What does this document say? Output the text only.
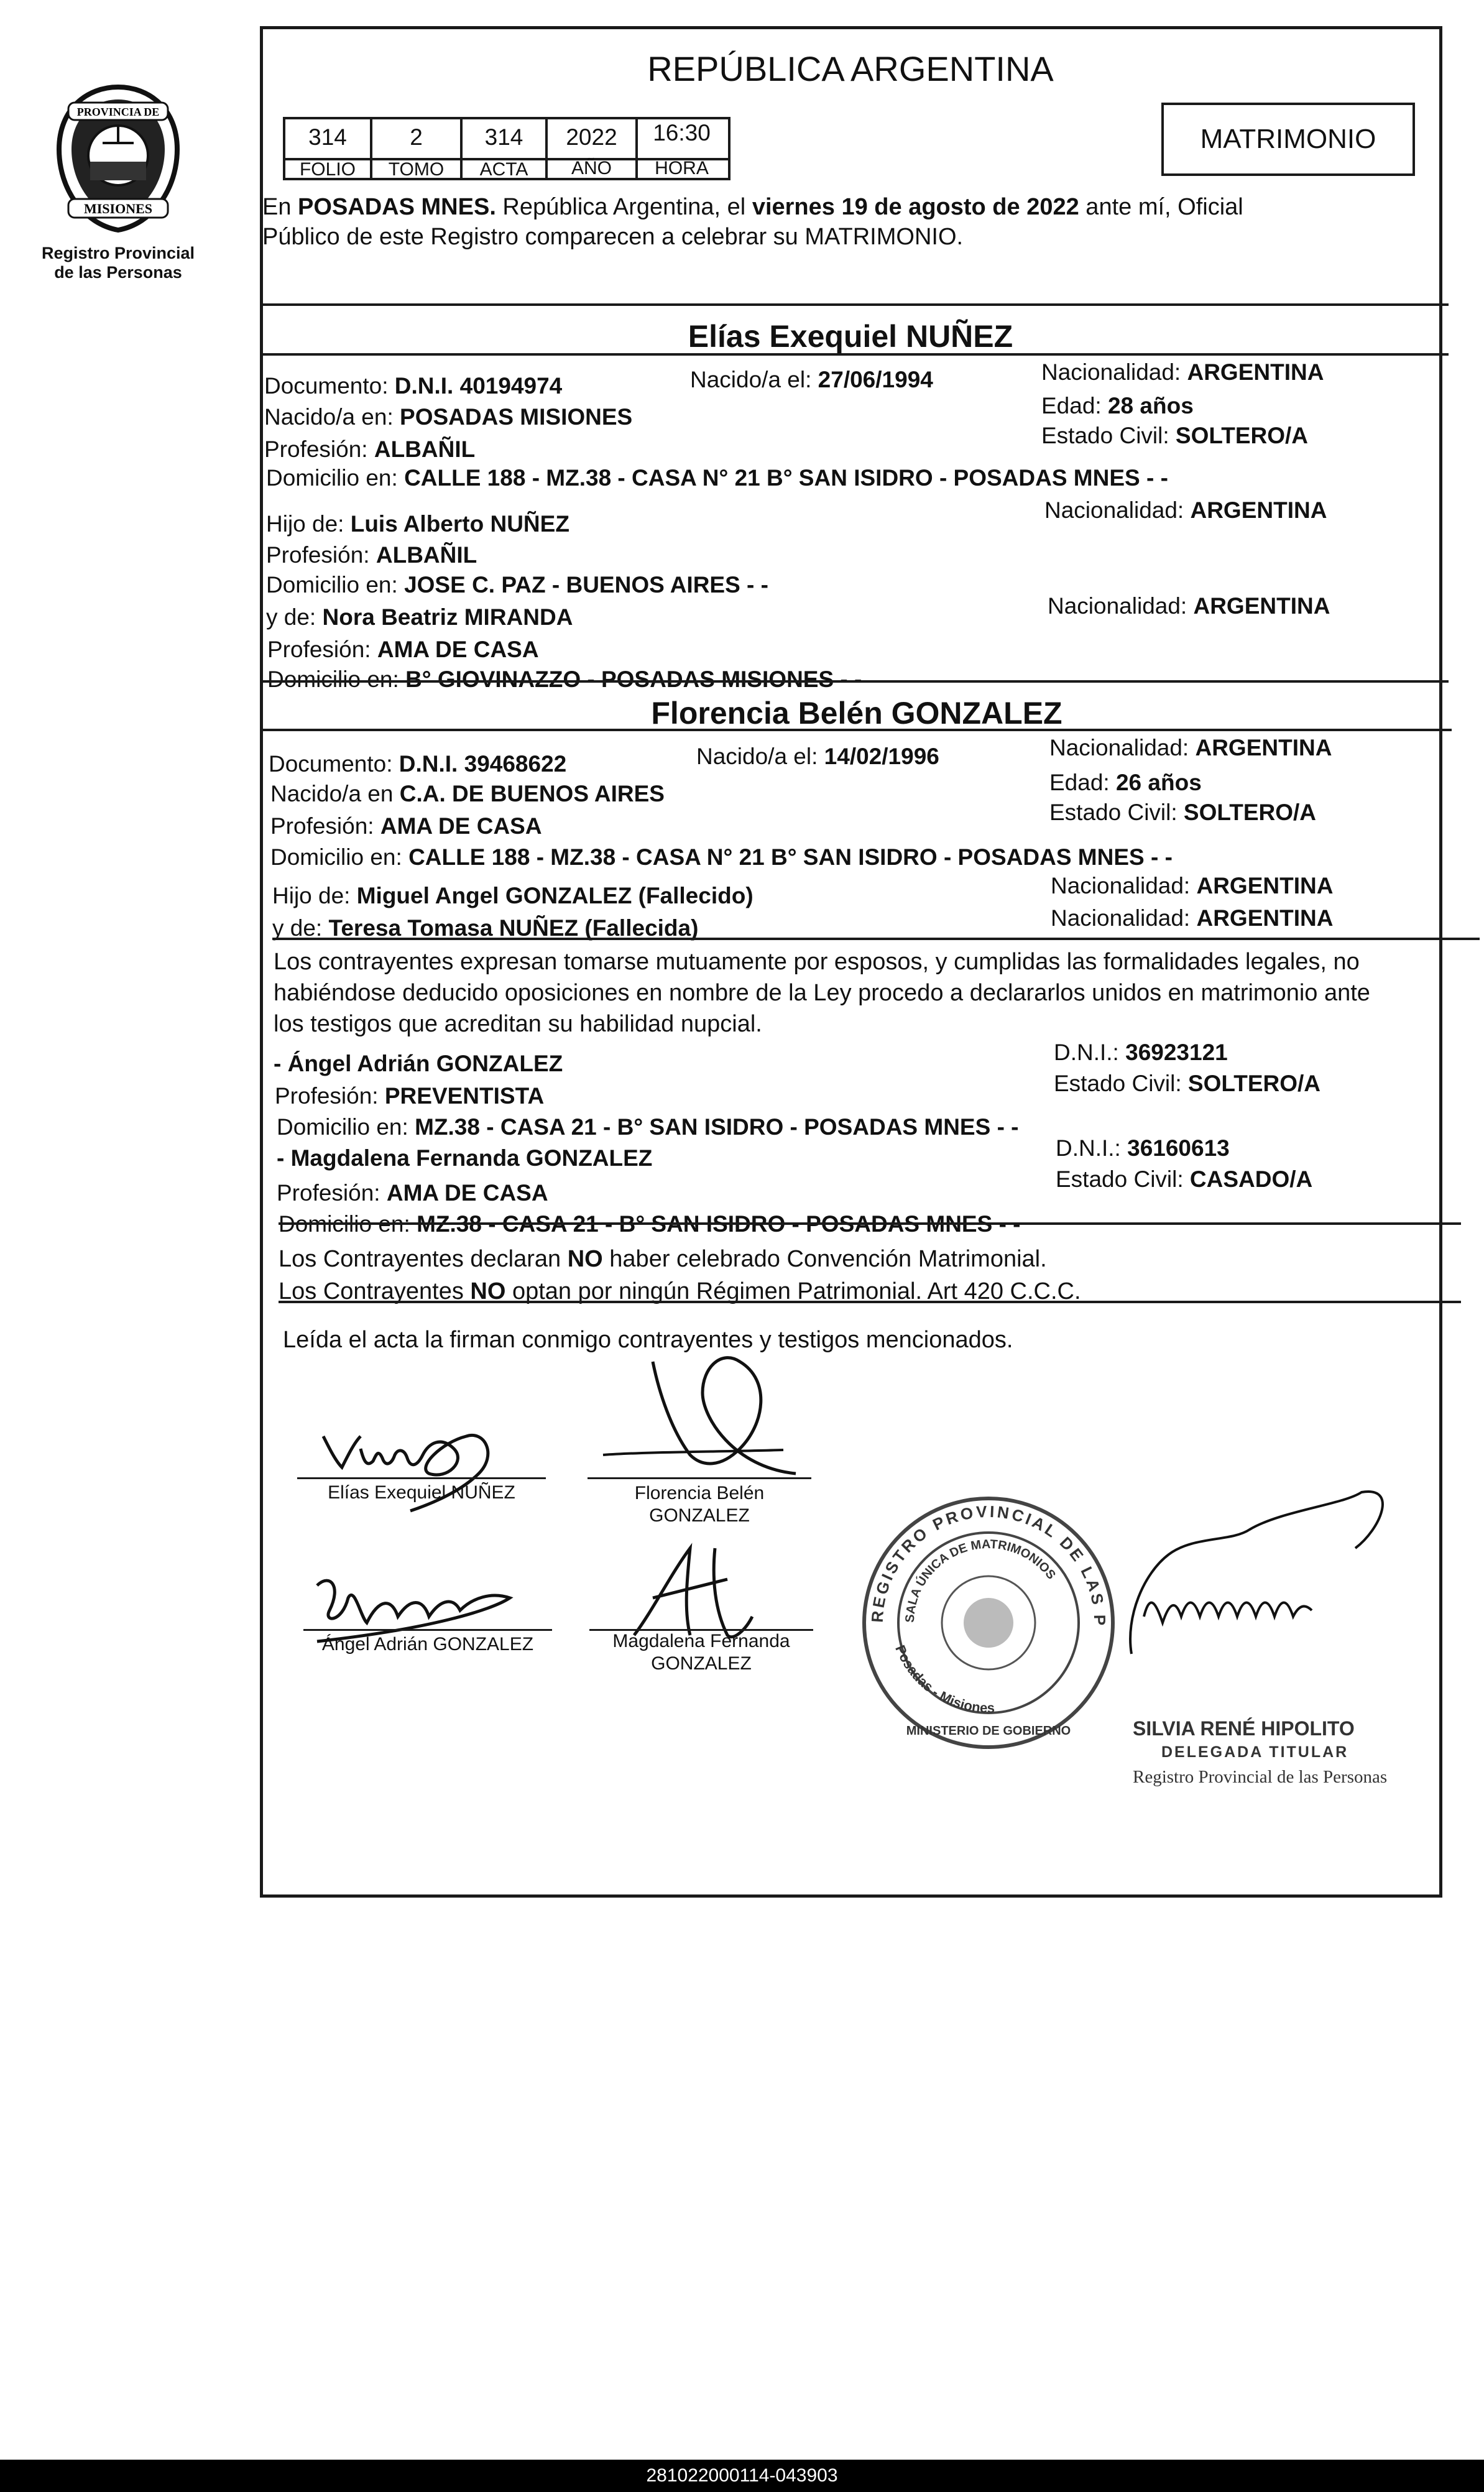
PROVINCIA DE
MISIONES
Registro Provincial
de las Personas
REPÚBLICA ARGENTINA
314	2	314	2022	16:30
FOLIO	TOMO	ACTA	AÑO	HORA
MATRIMONIO
En POSADAS MNES. República Argentina, el viernes 19 de agosto de 2022 ante mí, Oficial
Público de este Registro comparecen a celebrar su MATRIMONIO.
Elías Exequiel NUÑEZ
Documento: D.N.I. 40194974	Nacido/a el: 27/06/1994	Nacionalidad: ARGENTINA
Nacido/a en: POSADAS MISIONES	Edad: 28 años
Profesión: ALBAÑIL
Estado Civil: SOLTERO/A
Domicilio en: CALLE 188 - MZ.38 - CASA N° 21 B° SAN ISIDRO - POSADAS MNES - -
Hijo de: Luis Alberto NUÑEZ
Nacionalidad: ARGENTINA
Profesión: ALBAÑIL
Domicilio en: JOSE C. PAZ - BUENOS AIRES - -
y de: Nora Beatriz MIRANDA	Nacionalidad: ARGENTINA
Profesión: AMA DE CASA
Domicilio en: B° GIOVINAZZO - POSADAS MISIONES - -
Florencia Belén GONZALEZ
Documento: D.N.I. 39468622	Nacido/a el: 14/02/1996	Nacionalidad: ARGENTINA
Nacido/a en C.A. DE BUENOS AIRES	Edad: 26 años
Profesión: AMA DE CASA
Estado Civil: SOLTERO/A
Domicilio en: CALLE 188 - MZ.38 - CASA N° 21 B° SAN ISIDRO - POSADAS MNES - -
Hijo de: Miguel Angel GONZALEZ (Fallecido)	Nacionalidad: ARGENTINA
y de: Teresa Tomasa NUÑEZ (Fallecida)	Nacionalidad: ARGENTINA
Los contrayentes expresan tomarse mutuamente por esposos, y cumplidas las formalidades legales, no
habiéndose deducido oposiciones en nombre de la Ley procedo a declararlos unidos en matrimonio ante
los testigos que acreditan su habilidad nupcial.
- Ángel Adrián GONZALEZ	D.N.I.: 36923121
Profesión: PREVENTISTA	Estado Civil: SOLTERO/A
Domicilio en: MZ.38 - CASA 21 - B° SAN ISIDRO - POSADAS MNES - -
- Magdalena Fernanda GONZALEZ	D.N.I.: 36160613
Profesión: AMA DE CASA
Estado Civil: CASADO/A
Domicilio en: MZ.38 - CASA 21 - B° SAN ISIDRO - POSADAS MNES - -
Los Contrayentes declaran NO haber celebrado Convención Matrimonial.
Los Contrayentes NO optan por ningún Régimen Patrimonial. Art 420 C.C.C.
Leída el acta la firman conmigo contrayentes y testigos mencionados.
Elías Exequiel NUÑEZ	Florencia Belén
GONZALEZ
Ángel Adrián GONZALEZ	Magdalena Fernanda
GONZALEZ
REGISTRO PROVINCIAL DE LAS P
SALA ÚNICA DE MATRIMONIOS
Posadas - Misiones
MINISTERIO DE GOBIERNO	SILVIA RENÉ HIPOLITO
DELEGADA TITULAR
Registro Provincial de las Personas
281022000114-043903
